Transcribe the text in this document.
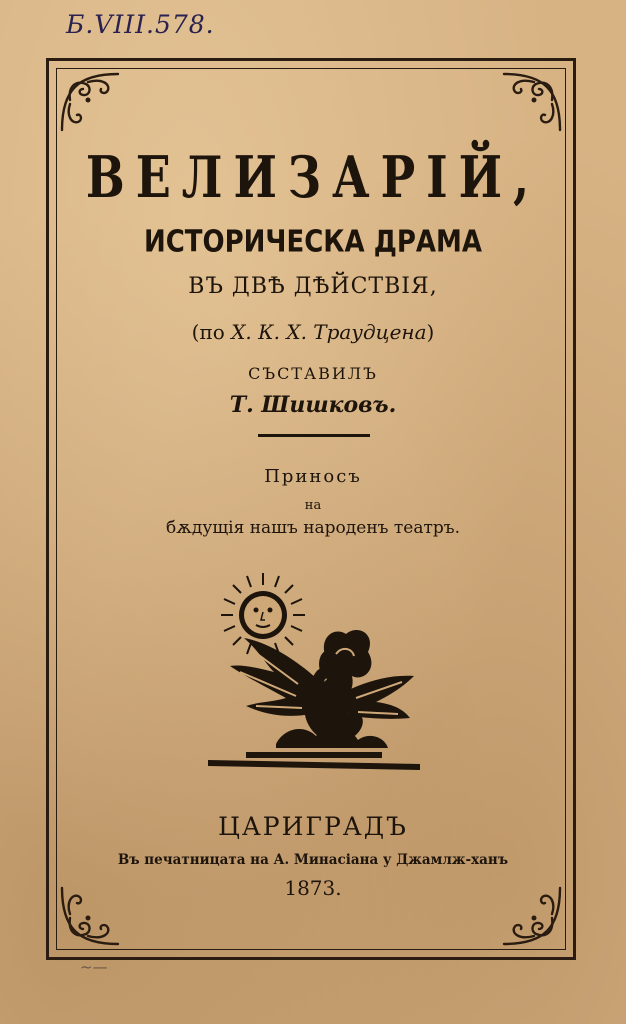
Б.VIII.578.
ВЕЛИЗАРІЙ,
ИСТОРИЧЕСКА ДРАМА
ВЪ ДВѢ ДѢЙСТВІЯ,
(по Х. К. Х. Траудцена)
СЪСТАВИЛЪ
Т. Шишковъ.
Приносъ
на
бѫдущія нашъ народенъ театръ.
ЦАРИГРАДЪ
Въ печатницата на А. Минасіана у Джамлж-ханъ
1873.
~—
